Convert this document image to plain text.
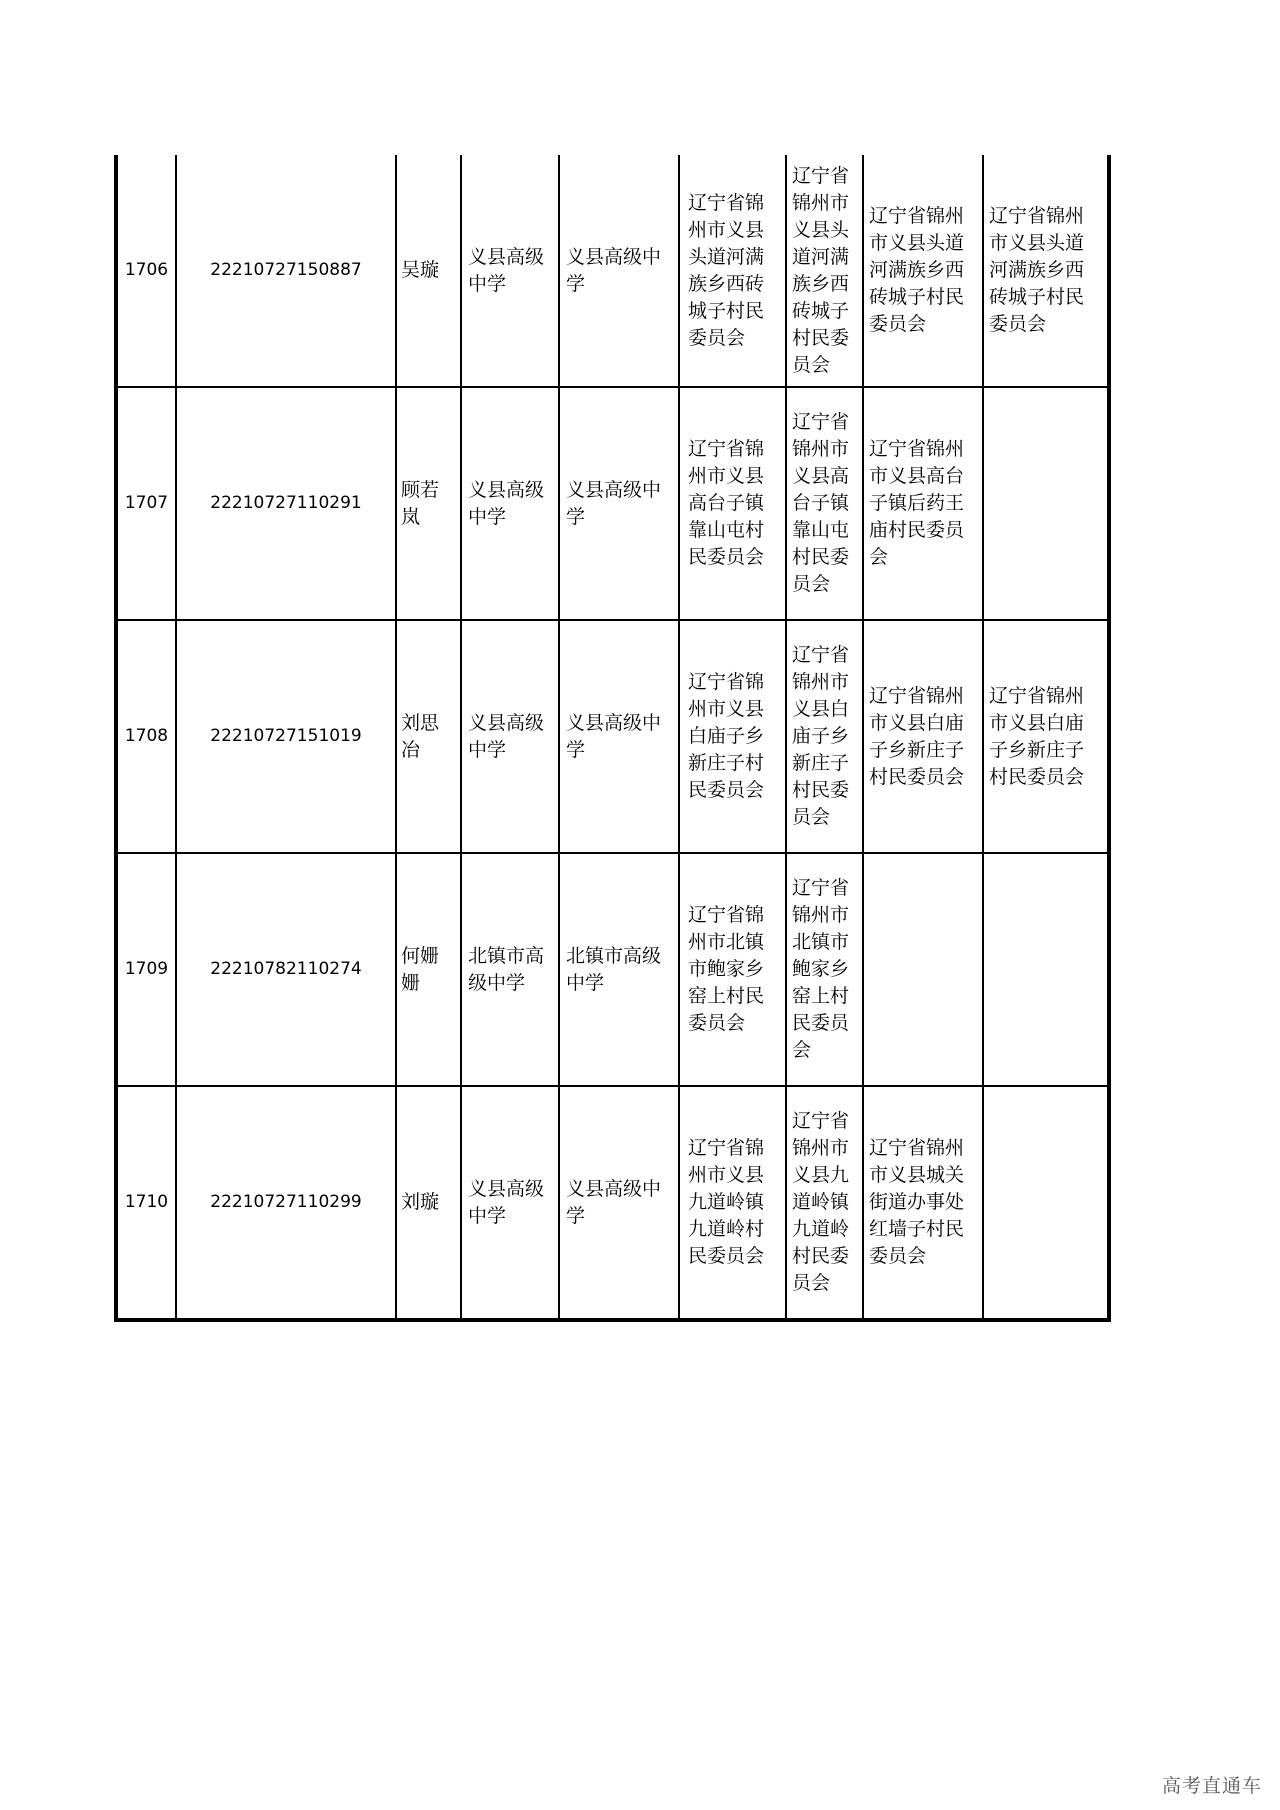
1706	22210727150887	吴璇	义县高级中学	义县高级中学	辽宁省锦州市义县头道河满族乡西砖城子村民委员会	辽宁省锦州市义县头道河满族乡西砖城子村民委员会	辽宁省锦州市义县头道河满族乡西砖城子村民委员会	辽宁省锦州市义县头道河满族乡西砖城子村民委员会
1707	22210727110291	顾若岚	义县高级中学	义县高级中学	辽宁省锦州市义县高台子镇靠山屯村民委员会	辽宁省锦州市义县高台子镇靠山屯村民委员会	辽宁省锦州市义县高台子镇后药王庙村民委员会	
1708	22210727151019	刘思冶	义县高级中学	义县高级中学	辽宁省锦州市义县白庙子乡新庄子村民委员会	辽宁省锦州市义县白庙子乡新庄子村民委员会	辽宁省锦州市义县白庙子乡新庄子村民委员会	辽宁省锦州市义县白庙子乡新庄子村民委员会
1709	22210782110274	何姗姗	北镇市高级中学	北镇市高级中学	辽宁省锦州市北镇市鲍家乡窑上村民委员会	辽宁省锦州市北镇市鲍家乡窑上村民委员会		
1710	22210727110299	刘璇	义县高级中学	义县高级中学	辽宁省锦州市义县九道岭镇九道岭村民委员会	辽宁省锦州市义县九道岭镇九道岭村民委员会	辽宁省锦州市义县城关街道办事处红墙子村民委员会	
高考直通车
